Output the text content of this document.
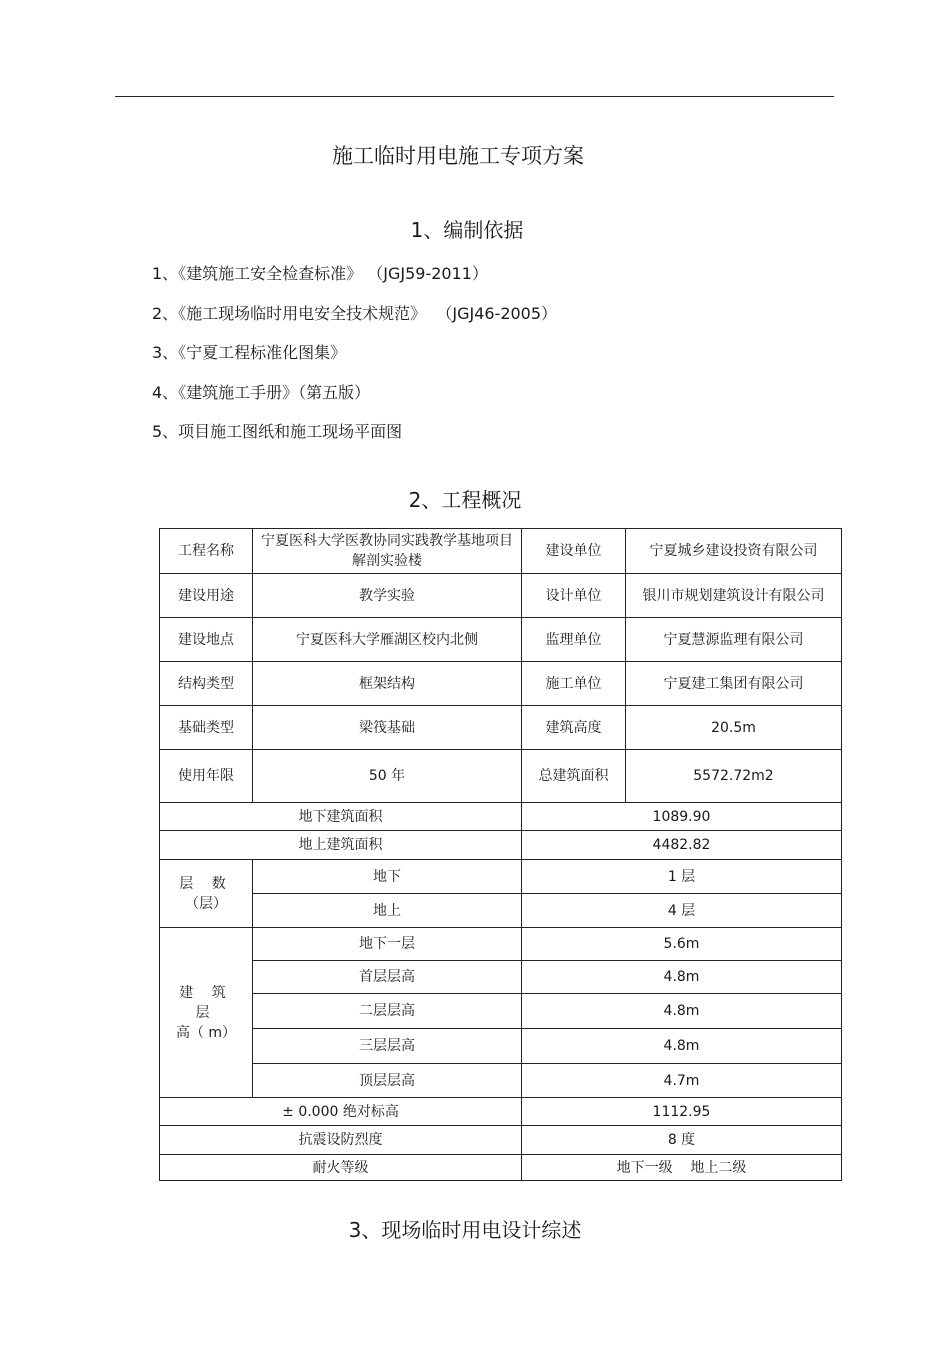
施工临时用电施工专项方案
1、编制依据
1、《建筑施工安全检查标准》 （JGJ59-2011）
2、《施工现场临时用电安全技术规范》  （JGJ46-2005）
3、《宁夏工程标准化图集》
4、《建筑施工手册》（第五版）
5、项目施工图纸和施工现场平面图
2、工程概况
工程名称	宁夏医科大学医教协同实践教学基地项目解剖实验楼	建设单位	宁夏城乡建设投资有限公司
建设用途	教学实验	设计单位	银川市规划建筑设计有限公司
建设地点	宁夏医科大学雁湖区校内北侧	监理单位	宁夏慧源监理有限公司
结构类型	框架结构	施工单位	宁夏建工集团有限公司
基础类型	梁筏基础	建筑高度	20.5m
使用年限	50 年	总建筑面积	5572.72m2
地下建筑面积		1089.90	
地上建筑面积		4482.82	

层 数
（层）	地下	1 层	
	地上	4 层	

建 筑 层
高（ m）	地下一层	5.6m	
	首层层高	4.8m	
	二层层高	4.8m	
	三层层高	4.8m	
	顶层层高	4.7m	
± 0.000 绝对标高		1112.95	
抗震设防烈度		8 度	
耐火等级		地下一级    地上二级	
3、现场临时用电设计综述
